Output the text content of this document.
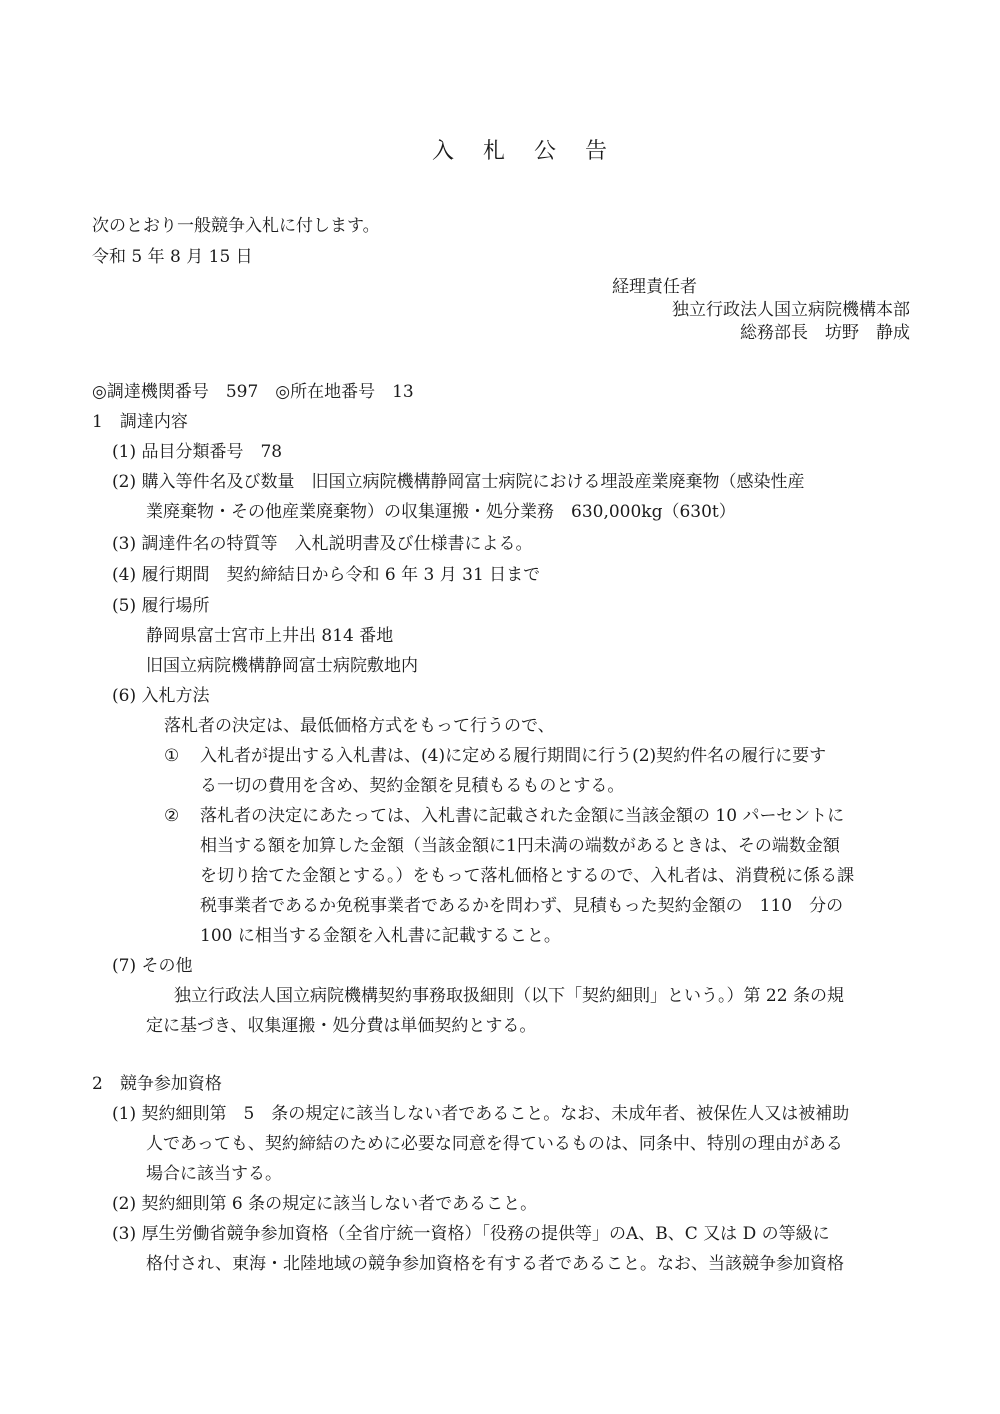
入 札 公 告
次のとおり一般競争入札に付します。
令和 5 年 8 月 15 日
経理責任者
独立行政法人国立病院機構本部
総務部長　坊野　静成
◎調達機関番号　597　◎所在地番号　13
1　調達内容
(1) 品目分類番号　78
(2) 購入等件名及び数量　旧国立病院機構静岡富士病院における埋設産業廃棄物（感染性産
業廃棄物・その他産業廃棄物）の収集運搬・処分業務　630,000kg（630t）
(3) 調達件名の特質等　入札説明書及び仕様書による。
(4) 履行期間　契約締結日から令和 6 年 3 月 31 日まで
(5) 履行場所
静岡県富士宮市上井出 814 番地
旧国立病院機構静岡富士病院敷地内
(6) 入札方法
落札者の決定は、最低価格方式をもって行うので、
① 入札者が提出する入札書は、(4)に定める履行期間に行う(2)契約件名の履行に要す
る一切の費用を含め、契約金額を見積もるものとする。
② 落札者の決定にあたっては、入札書に記載された金額に当該金額の 10 パーセントに
相当する額を加算した金額（当該金額に1円未満の端数があるときは、その端数金額
を切り捨てた金額とする。）をもって落札価格とするので、入札者は、消費税に係る課
税事業者であるか免税事業者であるかを問わず、見積もった契約金額の　110　分の
100 に相当する金額を入札書に記載すること。
(7) その他
独立行政法人国立病院機構契約事務取扱細則（以下「契約細則」という。）第 22 条の規
定に基づき、収集運搬・処分費は単価契約とする。
2　競争参加資格
(1) 契約細則第　5　条の規定に該当しない者であること。なお、未成年者、被保佐人又は被補助
人であっても、契約締結のために必要な同意を得ているものは、同条中、特別の理由がある
場合に該当する。
(2) 契約細則第 6 条の規定に該当しない者であること。
(3) 厚生労働省競争参加資格（全省庁統一資格）「役務の提供等」のA、B、C 又は D の等級に
格付され、東海・北陸地域の競争参加資格を有する者であること。なお、当該競争参加資格
